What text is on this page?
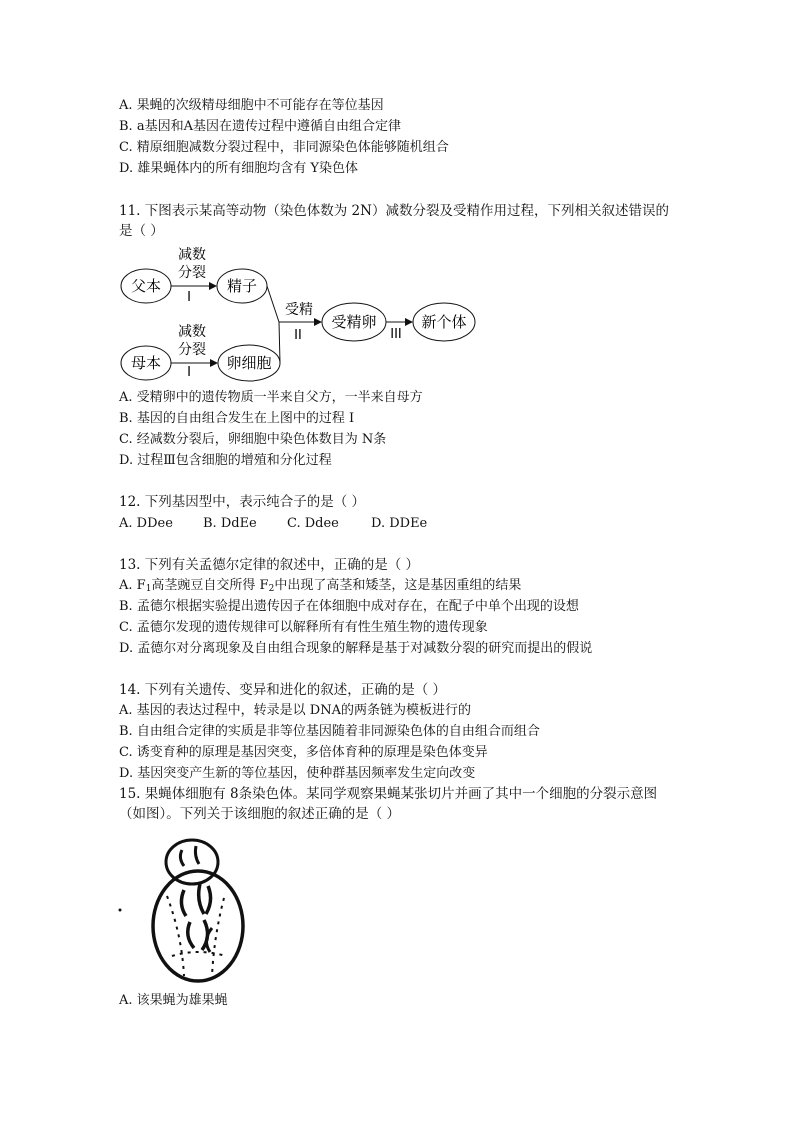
A. 果蝇的次级精母细胞中不可能存在等位基因
B. a基因和A基因在遗传过程中遵循自由组合定律
C. 精原细胞减数分裂过程中，非同源染色体能够随机组合
D. 雄果蝇体内的所有细胞均含有 Y染色体
11. 下图表示某高等动物（染色体数为 2N）减数分裂及受精作用过程，下列相关叙述错误的
是（ ）
父本	精子
母本	卵细胞
受精卵	新个体
减数
分裂
I
减数
分裂
I
受精
II	III
A. 受精卵中的遗传物质一半来自父方，一半来自母方
B. 基因的自由组合发生在上图中的过程 I
C. 经减数分裂后，卵细胞中染色体数目为 N条
D. 过程Ⅲ包含细胞的增殖和分化过程
12. 下列基因型中，表示纯合子的是（ ）
A. DDee B. DdEe C. Ddee D. DDEe
13. 下列有关孟德尔定律的叙述中，正确的是（ ）
A. $F_1$高茎豌豆自交所得 $F_2$中出现了高茎和矮茎，这是基因重组的结果
B. 孟德尔根据实验提出遗传因子在体细胞中成对存在，在配子中单个出现的设想
C. 孟德尔发现的遗传规律可以解释所有有性生殖生物的遗传现象
D. 孟德尔对分离现象及自由组合现象的解释是基于对减数分裂的研究而提出的假说
14. 下列有关遗传、变异和进化的叙述，正确的是（ ）
A. 基因的表达过程中，转录是以 DNA的两条链为模板进行的
B. 自由组合定律的实质是非等位基因随着非同源染色体的自由组合而组合
C. 诱变育种的原理是基因突变，多倍体育种的原理是染色体变异
D. 基因突变产生新的等位基因，使种群基因频率发生定向改变
15. 果蝇体细胞有 8条染色体。某同学观察果蝇某张切片并画了其中一个细胞的分裂示意图
（如图）。下列关于该细胞的叙述正确的是（ ）
A. 该果蝇为雄果蝇
